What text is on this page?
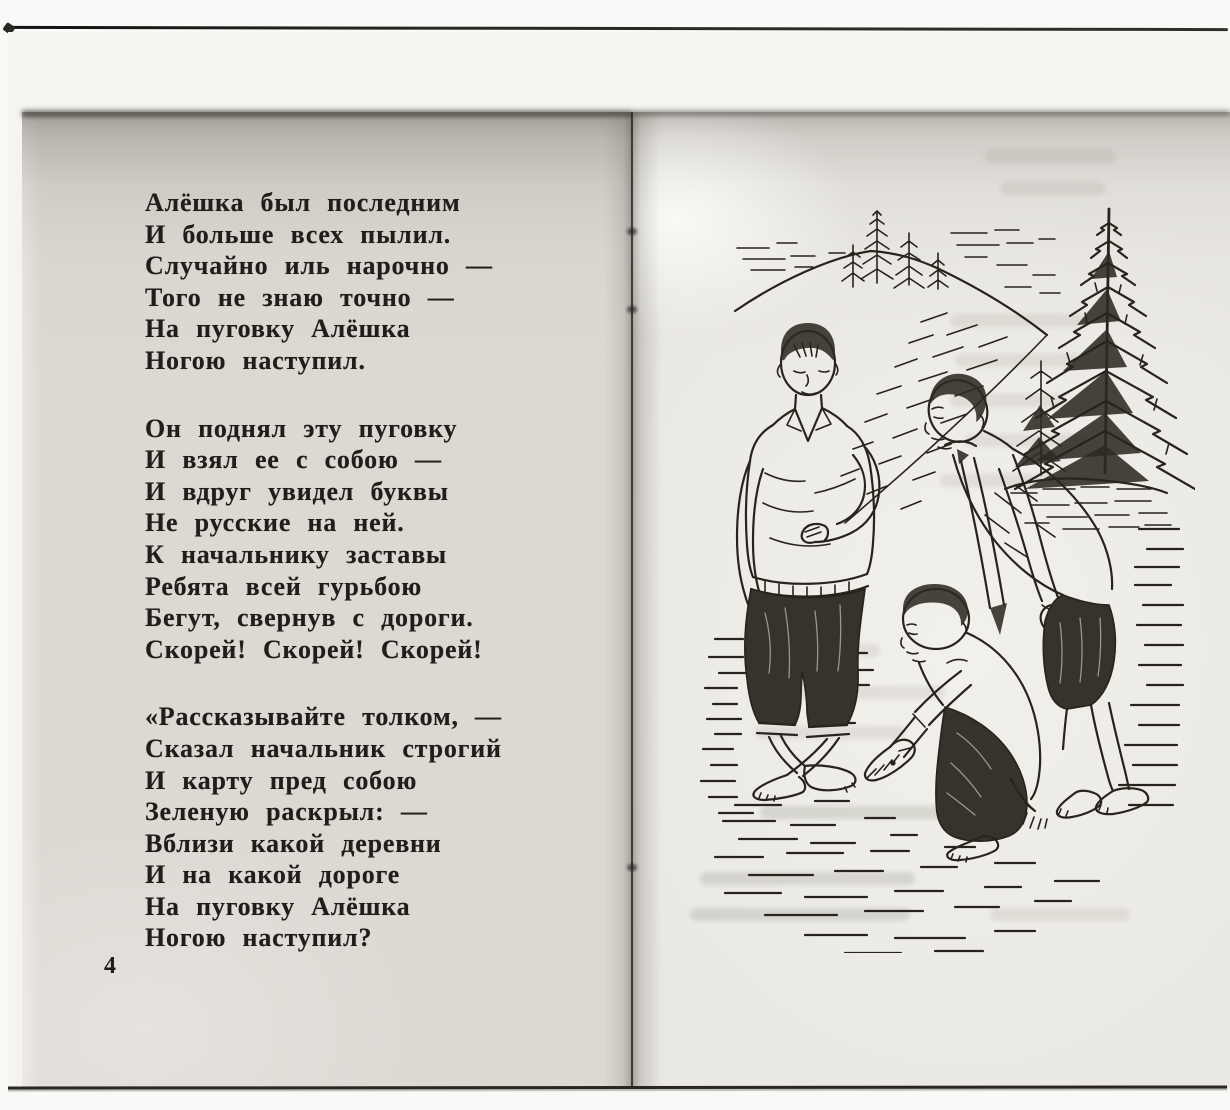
Алёшка был последним
И больше всех пылил.
Случайно иль нарочно —
Того не знаю точно —
На пуговку Алёшка
Ногою наступил.
Он поднял эту пуговку
И взял ее с собою —
И вдруг увидел буквы
Не русские на ней.
К начальнику заставы
Ребята всей гурьбою
Бегут, свернув с дороги.
Скорей! Скорей! Скорей!
«Рассказывайте толком, —
Сказал начальник строгий
И карту пред собою
Зеленую раскрыл: —
Вблизи какой деревни
И на какой дороге
На пуговку Алёшка
Ногою наступил?
4
